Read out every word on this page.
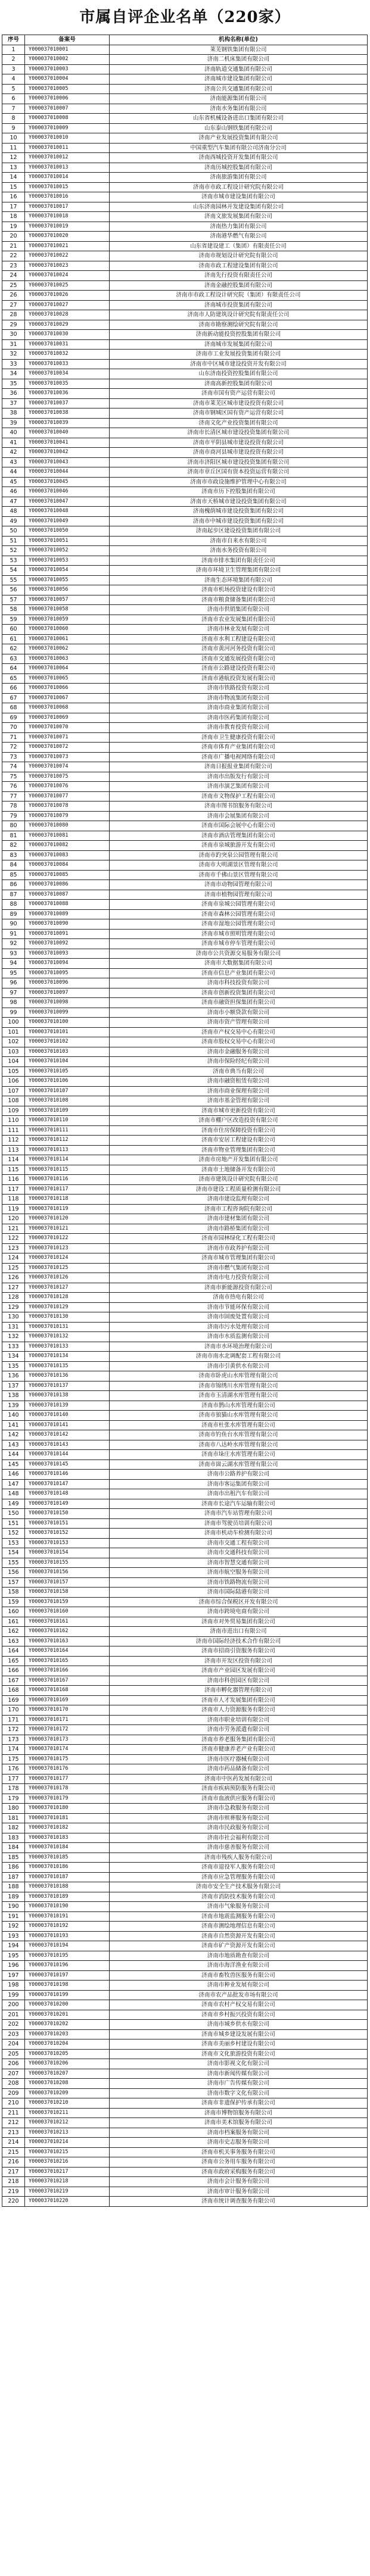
市属自评企业名单（220家）
序号	备案号	机构名称(单位)
1	Y000037010001	莱芜钢铁集团有限公司
2	Y000037010002	济南二机床集团有限公司
3	Y000037010003	济南轨道交通集团有限公司
4	Y000037010004	济南城市建设集团有限公司
5	Y000037010005	济南公共交通集团有限公司
6	Y000037010006	济南能源集团有限公司
7	Y000037010007	济南水务集团有限公司
8	Y000037010008	山东省机械设备进出口集团有限公司
9	Y000037010009	山东泰山钢铁集团有限公司
10	Y000037010010	济南产业发展投资集团有限公司
11	Y000037010011	中国重型汽车集团有限公司济南分公司
12	Y000037010012	济南西城投资开发集团有限公司
13	Y000037010013	济南历城控股集团有限公司
14	Y000037010014	济南旅游集团有限公司
15	Y000037010015	济南市市政工程设计研究院有限公司
16	Y000037010016	济南市城市建设集团有限公司
17	Y000037010017	山东济南园林开发建设集团有限公司
18	Y000037010018	济南文旅发展集团有限公司
19	Y000037010019	济南热力集团有限公司
20	Y000037010020	济南港华燃气有限公司
21	Y000037010021	山东省建设建工（集团）有限责任公司
22	Y000037010022	济南市规划设计研究院有限公司
23	Y000037010023	济南市政工程建设集团有限公司
24	Y000037010024	济南先行投资有限责任公司
25	Y000037010025	济南金融控股集团有限公司
26	Y000037010026	济南市市政工程设计研究院（集团）有限责任公司
27	Y000037010027	济南城市投资集团有限公司
28	Y000037010028	济南市人防建筑设计研究院有限责任公司
29	Y000037010029	济南市勘察测绘研究院有限公司
30	Y000037010030	济南新动能投资控股集团有限公司
31	Y000037010031	济南城市发展集团有限公司
32	Y000037010032	济南市工业发展投资集团有限公司
33	Y000037010033	济南市中区城市建设投资开发有限公司
34	Y000037010034	山东济南投资控股集团有限公司
35	Y000037010035	济南高新控股集团有限公司
36	Y000037010036	济南市国有资产运营有限公司
37	Y000037010037	济南市莱芜区城市建设投资有限公司
38	Y000037010038	济南市钢城区国有资产运营有限公司
39	Y000037010039	济南文化产业投资集团有限公司
40	Y000037010040	济南市长清区城市建设投资集团有限公司
41	Y000037010041	济南市平阴县城市建设投资有限公司
42	Y000037010042	济南市商河县城市建设投资有限公司
43	Y000037010043	济南市济阳区城市建设投资集团有限公司
44	Y000037010044	济南市章丘区国有资本投资运营有限公司
45	Y000037010045	济南市市政设施维护管理中心有限公司
46	Y000037010046	济南市历下控股集团有限公司
47	Y000037010047	济南市天桥城市建设投资集团有限公司
48	Y000037010048	济南槐荫城市建设投资集团有限公司
49	Y000037010049	济南市中城市建设投资集团有限公司
50	Y000037010050	济南起步区建设投资集团有限公司
51	Y000037010051	济南市自来水有限公司
52	Y000037010052	济南水务投资有限公司
53	Y000037010053	济南市排水集团有限责任公司
54	Y000037010054	济南市环境卫生管理集团有限公司
55	Y000037010055	济南生态环境集团有限公司
56	Y000037010056	济南市机场投资建设有限公司
57	Y000037010057	济南市粮食储备集团有限公司
58	Y000037010058	济南市供销集团有限公司
59	Y000037010059	济南市农业发展集团有限公司
60	Y000037010060	济南市林业发展有限公司
61	Y000037010061	济南市水利工程建设有限公司
62	Y000037010062	济南市黄河河务投资有限公司
63	Y000037010063	济南市交通发展投资有限公司
64	Y000037010064	济南市公路建设投资有限公司
65	Y000037010065	济南市港航投资发展有限公司
66	Y000037010066	济南市铁路投资有限公司
67	Y000037010067	济南市物流集团有限公司
68	Y000037010068	济南市商业集团有限公司
69	Y000037010069	济南市医药集团有限公司
70	Y000037010070	济南市教育投资有限公司
71	Y000037010071	济南市卫生健康投资有限公司
72	Y000037010072	济南市体育产业集团有限公司
73	Y000037010073	济南市广播电视网络有限公司
74	Y000037010074	济南日报报业集团有限公司
75	Y000037010075	济南市出版发行有限公司
76	Y000037010076	济南市演艺集团有限公司
77	Y000037010077	济南市文物保护工程有限公司
78	Y000037010078	济南市图书馆服务有限公司
79	Y000037010079	济南市会展集团有限公司
80	Y000037010080	济南市国际会展中心有限公司
81	Y000037010081	济南市酒店管理集团有限公司
82	Y000037010082	济南市泉城旅游开发有限公司
83	Y000037010083	济南市趵突泉公园管理有限公司
84	Y000037010084	济南市大明湖景区管理有限公司
85	Y000037010085	济南市千佛山景区管理有限公司
86	Y000037010086	济南市动物园管理有限公司
87	Y000037010087	济南市植物园管理有限公司
88	Y000037010088	济南市泉城公园管理有限公司
89	Y000037010089	济南市森林公园管理有限公司
90	Y000037010090	济南市湿地公园管理有限公司
91	Y000037010091	济南市城市照明管理有限公司
92	Y000037010092	济南市城市停车管理有限公司
93	Y000037010093	济南市公共资源交易服务有限公司
94	Y000037010094	济南市大数据集团有限公司
95	Y000037010095	济南市信息产业集团有限公司
96	Y000037010096	济南市科技投资有限公司
97	Y000037010097	济南市创新投资集团有限公司
98	Y000037010098	济南市融资担保集团有限公司
99	Y000037010099	济南市小额贷款有限公司
100	Y000037010100	济南市资产管理有限公司
101	Y000037010101	济南市产权交易中心有限公司
102	Y000037010102	济南市股权交易中心有限公司
103	Y000037010103	济南市金融服务有限公司
104	Y000037010104	济南市保险经纪有限公司
105	Y000037010105	济南市典当有限公司
106	Y000037010106	济南市融资租赁有限公司
107	Y000037010107	济南市商业保理有限公司
108	Y000037010108	济南市基金管理有限公司
109	Y000037010109	济南市城市更新投资有限公司
110	Y000037010110	济南市棚户区改造投资有限公司
111	Y000037010111	济南市住房保障投资有限公司
112	Y000037010112	济南市安居工程建设有限公司
113	Y000037010113	济南市物业管理集团有限公司
114	Y000037010114	济南市房地产开发集团有限公司
115	Y000037010115	济南市土地储备开发有限公司
116	Y000037010116	济南市建筑设计研究院有限公司
117	Y000037010117	济南市建设工程质量检测有限公司
118	Y000037010118	济南市建设监理有限公司
119	Y000037010119	济南市工程咨询院有限公司
120	Y000037010120	济南市建材集团有限公司
121	Y000037010121	济南市路桥集团有限公司
122	Y000037010122	济南市园林绿化工程有限公司
123	Y000037010123	济南市市政养护有限公司
124	Y000037010124	济南市城市管理集团有限公司
125	Y000037010125	济南市燃气集团有限公司
126	Y000037010126	济南市电力投资有限公司
127	Y000037010127	济南市新能源投资有限公司
128	Y000037010128	济南市热电有限公司
129	Y000037010129	济南市节能环保有限公司
130	Y000037010130	济南市固废处置有限公司
131	Y000037010131	济南市污水处理有限公司
132	Y000037010132	济南市水质监测有限公司
133	Y000037010133	济南市水环境治理有限公司
134	Y000037010134	济南市南水北调配套工程有限公司
135	Y000037010135	济南市引黄供水有限公司
136	Y000037010136	济南市卧虎山水库管理有限公司
137	Y000037010137	济南市锦绣川水库管理有限公司
138	Y000037010138	济南市玉清湖水库管理有限公司
139	Y000037010139	济南市鹊山水库管理有限公司
140	Y000037010140	济南市狼猫山水库管理有限公司
141	Y000037010141	济南市杜张水库管理有限公司
142	Y000037010142	济南市钓鱼台水库管理有限公司
143	Y000037010143	济南市八达岭水库管理有限公司
144	Y000037010144	济南市垛庄水库管理有限公司
145	Y000037010145	济南市崮云湖水库管理有限公司
146	Y000037010146	济南市公路养护有限公司
147	Y000037010147	济南市客运集团有限公司
148	Y000037010148	济南市出租汽车有限公司
149	Y000037010149	济南市长途汽车运输有限公司
150	Y000037010150	济南市汽车站管理有限公司
151	Y000037010151	济南市驾驶员培训有限公司
152	Y000037010152	济南市机动车检测有限公司
153	Y000037010153	济南市交通工程有限公司
154	Y000037010154	济南市交通科技有限公司
155	Y000037010155	济南市智慧交通有限公司
156	Y000037010156	济南市航空服务有限公司
157	Y000037010157	济南市铁路物流有限公司
158	Y000037010158	济南市国际陆港有限公司
159	Y000037010159	济南市综合保税区开发有限公司
160	Y000037010160	济南市跨境电商有限公司
161	Y000037010161	济南市对外贸易集团有限公司
162	Y000037010162	济南市进出口有限公司
163	Y000037010163	济南市国际经济技术合作有限公司
164	Y000037010164	济南市招商引资服务有限公司
165	Y000037010165	济南市开发区投资有限公司
166	Y000037010166	济南市产业园区发展有限公司
167	Y000037010167	济南市科创园区有限公司
168	Y000037010168	济南市孵化器管理有限公司
169	Y000037010169	济南市人才发展集团有限公司
170	Y000037010170	济南市人力资源服务有限公司
171	Y000037010171	济南市职业培训有限公司
172	Y000037010172	济南市劳务派遣有限公司
173	Y000037010173	济南市养老服务集团有限公司
174	Y000037010174	济南市健康养老产业有限公司
175	Y000037010175	济南市医疗器械有限公司
176	Y000037010176	济南市药品储备有限公司
177	Y000037010177	济南市中医药发展有限公司
178	Y000037010178	济南市疾病预防服务有限公司
179	Y000037010179	济南市血液供应服务有限公司
180	Y000037010180	济南市急救服务有限公司
181	Y000037010181	济南市殡葬服务有限公司
182	Y000037010182	济南市民政服务有限公司
183	Y000037010183	济南市社会福利有限公司
184	Y000037010184	济南市慈善服务有限公司
185	Y000037010185	济南市残疾人服务有限公司
186	Y000037010186	济南市退役军人服务有限公司
187	Y000037010187	济南市应急管理服务有限公司
188	Y000037010188	济南市安全生产技术服务有限公司
189	Y000037010189	济南市消防技术服务有限公司
190	Y000037010190	济南市气象服务有限公司
191	Y000037010191	济南市地震监测服务有限公司
192	Y000037010192	济南市测绘地理信息有限公司
193	Y000037010193	济南市自然资源开发有限公司
194	Y000037010194	济南市矿产资源开发有限公司
195	Y000037010195	济南市地质勘查有限公司
196	Y000037010196	济南市海洋渔业有限公司
197	Y000037010197	济南市畜牧兽医服务有限公司
198	Y000037010198	济南市种业发展有限公司
199	Y000037010199	济南市农产品批发市场有限公司
200	Y000037010200	济南市农村产权交易有限公司
201	Y000037010201	济南市乡村振兴投资有限公司
202	Y000037010202	济南市城乡供水有限公司
203	Y000037010203	济南市城乡建设发展有限公司
204	Y000037010204	济南市美丽乡村建设有限公司
205	Y000037010205	济南市文化旅游投资有限公司
206	Y000037010206	济南市影视文化有限公司
207	Y000037010207	济南市新闻传媒有限公司
208	Y000037010208	济南市广告传媒有限公司
209	Y000037010209	济南市数字文化有限公司
210	Y000037010210	济南市非遗保护传承有限公司
211	Y000037010211	济南市博物馆服务有限公司
212	Y000037010212	济南市美术馆服务有限公司
213	Y000037010213	济南市档案服务有限公司
214	Y000037010214	济南市史志服务有限公司
215	Y000037010215	济南市机关事务服务有限公司
216	Y000037010216	济南市公务用车服务有限公司
217	Y000037010217	济南市政府采购服务有限公司
218	Y000037010218	济南市会计服务有限公司
219	Y000037010219	济南市审计服务有限公司
220	Y000037010220	济南市统计调查服务有限公司
